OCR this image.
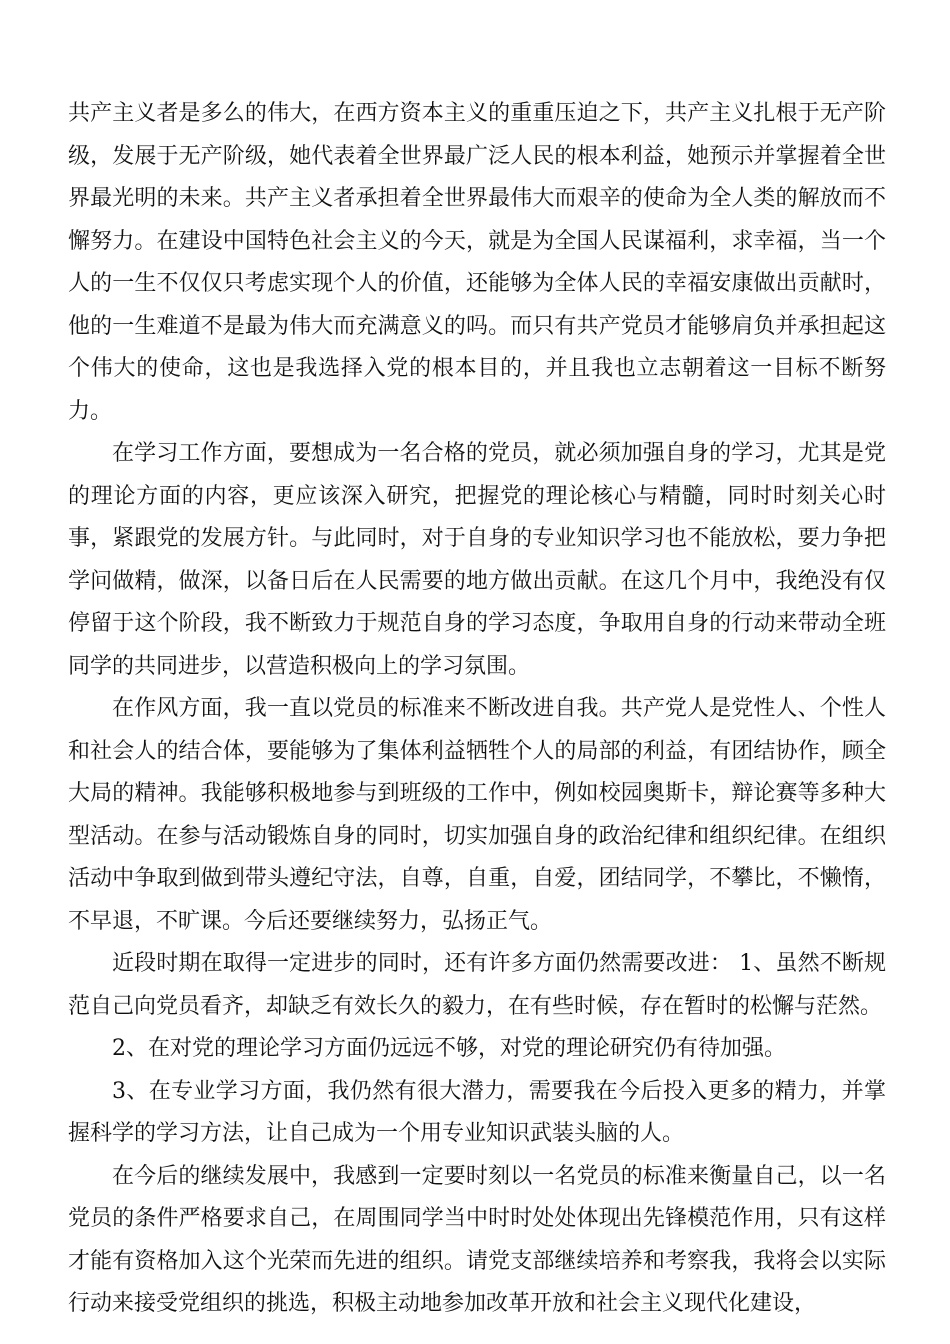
共产主义者是多么的伟大，在西方资本主义的重重压迫之下，共产主义扎根于无产阶级，发展于无产阶级，她代表着全世界最广泛人民的根本利益，她预示并掌握着全世界最光明的未来。共产主义者承担着全世界最伟大而艰辛的使命为全人类的解放而不懈努力。在建设中国特色社会主义的今天，就是为全国人民谋福利，求幸福，当一个人的一生不仅仅只考虑实现个人的价值，还能够为全体人民的幸福安康做出贡献时，他的一生难道不是最为伟大而充满意义的吗。而只有共产党员才能够肩负并承担起这个伟大的使命，这也是我选择入党的根本目的，并且我也立志朝着这一目标不断努力。

在学习工作方面，要想成为一名合格的党员，就必须加强自身的学习，尤其是党的理论方面的内容，更应该深入研究，把握党的理论核心与精髓，同时时刻关心时事，紧跟党的发展方针。与此同时，对于自身的专业知识学习也不能放松，要力争把学问做精，做深，以备日后在人民需要的地方做出贡献。在这几个月中，我绝没有仅停留于这个阶段，我不断致力于规范自身的学习态度，争取用自身的行动来带动全班同学的共同进步，以营造积极向上的学习氛围。

在作风方面，我一直以党员的标准来不断改进自我。共产党人是党性人、个性人和社会人的结合体，要能够为了集体利益牺牲个人的局部的利益，有团结协作，顾全大局的精神。我能够积极地参与到班级的工作中，例如校园奥斯卡，辩论赛等多种大型活动。在参与活动锻炼自身的同时，切实加强自身的政治纪律和组织纪律。在组织活动中争取到做到带头遵纪守法，自尊，自重，自爱，团结同学，不攀比，不懒惰，不早退，不旷课。今后还要继续努力，弘扬正气。

近段时期在取得一定进步的同时，还有许多方面仍然需要改进： 1、虽然不断规范自己向党员看齐，却缺乏有效长久的毅力，在有些时候，存在暂时的松懈与茫然。

2、在对党的理论学习方面仍远远不够，对党的理论研究仍有待加强。

3、在专业学习方面，我仍然有很大潜力，需要我在今后投入更多的精力，并掌握科学的学习方法，让自己成为一个用专业知识武装头脑的人。

在今后的继续发展中，我感到一定要时刻以一名党员的标准来衡量自己，以一名党员的条件严格要求自己，在周围同学当中时时处处体现出先锋模范作用，只有这样才能有资格加入这个光荣而先进的组织。请党支部继续培养和考察我，我将会以实际行动来接受党组织的挑选，积极主动地参加改革开放和社会主义现代化建设，
